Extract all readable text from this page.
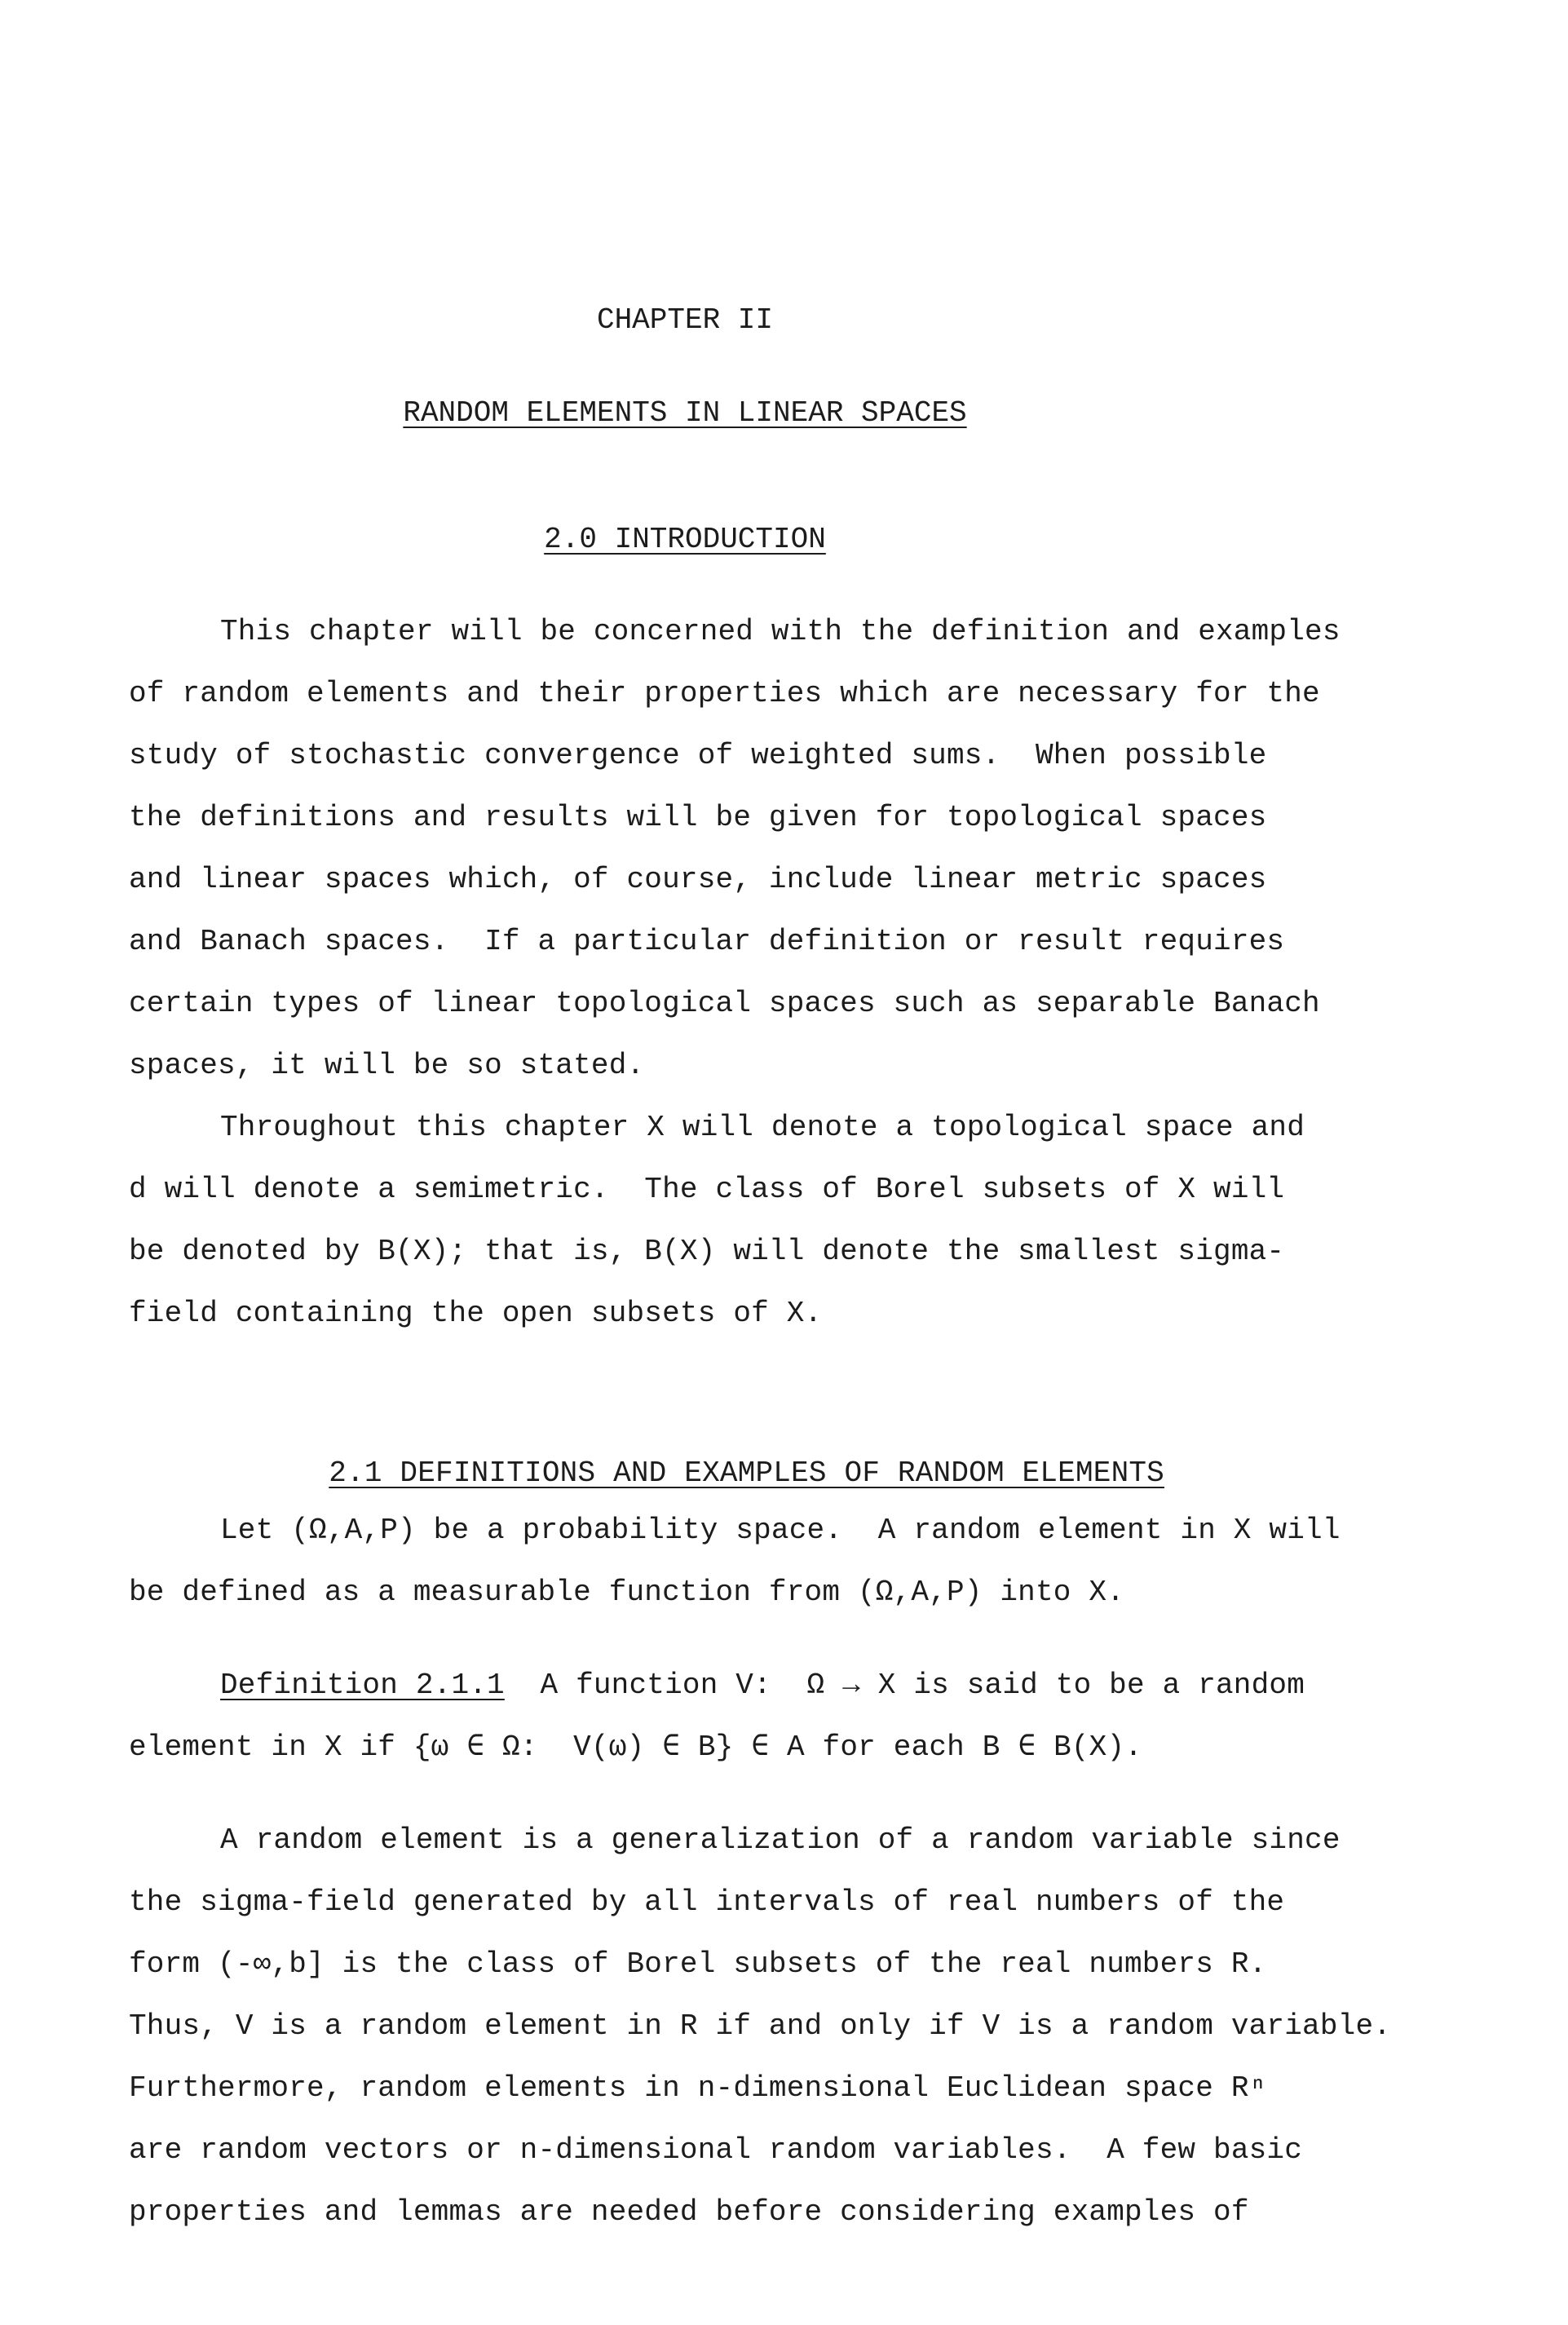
CHAPTER II
RANDOM ELEMENTS IN LINEAR SPACES
2.0 INTRODUCTION
This chapter will be concerned with the definition and examples
of random elements and their properties which are necessary for the
study of stochastic convergence of weighted sums.  When possible
the definitions and results will be given for topological spaces
and linear spaces which, of course, include linear metric spaces
and Banach spaces.  If a particular definition or result requires
certain types of linear topological spaces such as separable Banach
spaces, it will be so stated.
Throughout this chapter X will denote a topological space and
d will denote a semimetric.  The class of Borel subsets of X will
be denoted by B(X); that is, B(X) will denote the smallest sigma-
field containing the open subsets of X.

2.1 DEFINITIONS AND EXAMPLES OF RANDOM ELEMENTS

Let (Ω,A,P) be a probability space.  A random element in X will
be defined as a measurable function from (Ω,A,P) into X.
Definition 2.1.1  A function V:  Ω → X is said to be a random
element in X if {ω ∈ Ω:  V(ω) ∈ B} ∈ A for each B ∈ B(X).
A random element is a generalization of a random variable since
the sigma-field generated by all intervals of real numbers of the
form (-∞,b] is the class of Borel subsets of the real numbers R.
Thus, V is a random element in R if and only if V is a random variable.
Furthermore, random elements in n-dimensional Euclidean space Rⁿ
are random vectors or n-dimensional random variables.  A few basic
properties and lemmas are needed before considering examples of
